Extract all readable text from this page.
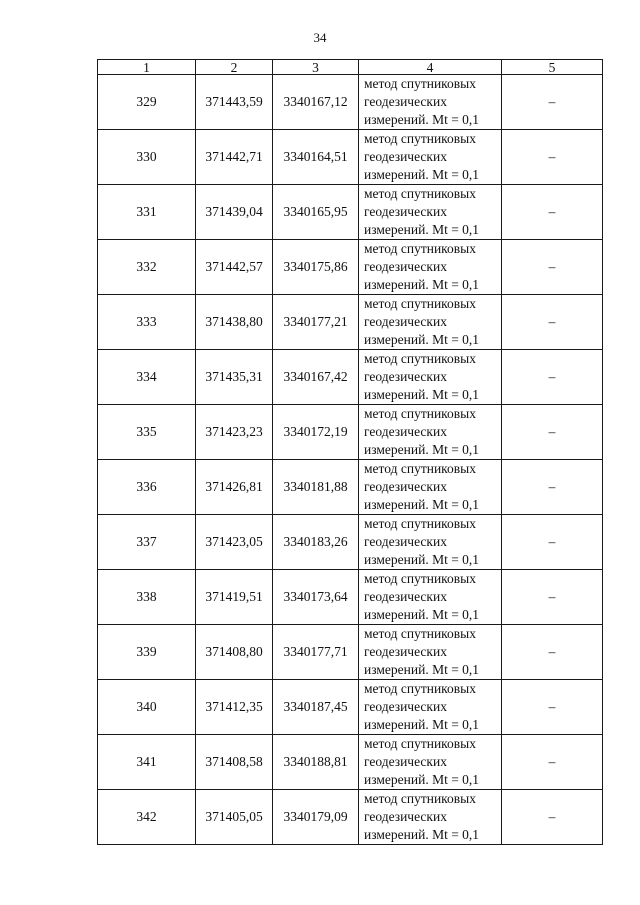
34
1	2	3	4	5
329	371443,59	3340167,12	метод спутниковых
геодезических
измерений. Mt = 0,1	–
330	371442,71	3340164,51	метод спутниковых
геодезических
измерений. Mt = 0,1	–
331	371439,04	3340165,95	метод спутниковых
геодезических
измерений. Mt = 0,1	–
332	371442,57	3340175,86	метод спутниковых
геодезических
измерений. Mt = 0,1	–
333	371438,80	3340177,21	метод спутниковых
геодезических
измерений. Mt = 0,1	–
334	371435,31	3340167,42	метод спутниковых
геодезических
измерений. Mt = 0,1	–
335	371423,23	3340172,19	метод спутниковых
геодезических
измерений. Mt = 0,1	–
336	371426,81	3340181,88	метод спутниковых
геодезических
измерений. Mt = 0,1	–
337	371423,05	3340183,26	метод спутниковых
геодезических
измерений. Mt = 0,1	–
338	371419,51	3340173,64	метод спутниковых
геодезических
измерений. Mt = 0,1	–
339	371408,80	3340177,71	метод спутниковых
геодезических
измерений. Mt = 0,1	–
340	371412,35	3340187,45	метод спутниковых
геодезических
измерений. Mt = 0,1	–
341	371408,58	3340188,81	метод спутниковых
геодезических
измерений. Mt = 0,1	–
342	371405,05	3340179,09	метод спутниковых
геодезических
измерений. Mt = 0,1	–
